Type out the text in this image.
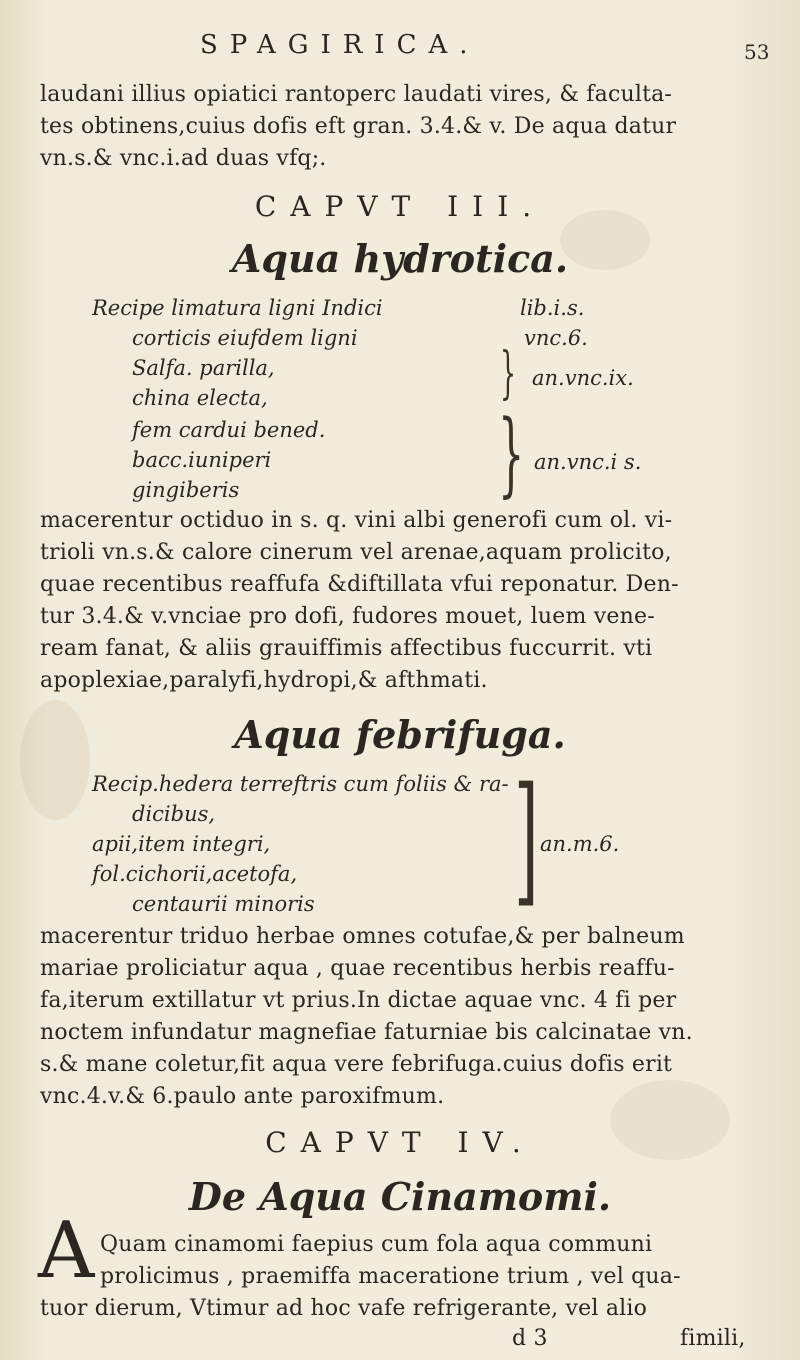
SPAGIRICA.	53
laudani illius opiatici rantoperc laudati vires, & faculta-
tes obtinens,cuius dofis eft gran. 3.4.& v. De aqua datur
vn.s.& vnc.i.ad duas vfq;.
CAPVT III.
Aqua hydrotica.
Recipe limatura ligni Indici
corticis eiufdem ligni
Salfa. parilla,
china electa,
fem cardui bened.
bacc.iuniperi
gingiberis
lib.i.s.
vnc.6.
} an.vnc.ix.
} an.vnc.i s.
macerentur octiduo in s. q. vini albi generofi cum ol. vi-
trioli vn.s.& calore cinerum vel arenae,aquam prolicito,
quae recentibus reaffufa &diftillata vfui reponatur. Den-
tur 3.4.& v.vnciae pro dofi, fudores mouet, luem vene-
ream fanat, & aliis grauiffimis affectibus fuccurrit. vti
apoplexiae,paralyfi,hydropi,& afthmati.
Aqua febrifuga.
Recip.hedera terreftris cum foliis & ra-
dicibus,
apii,item integri,
fol.cichorii,acetofa,
centaurii minoris ] an.m.6.
macerentur triduo herbae omnes cotufae,& per balneum
mariae proliciatur aqua , quae recentibus herbis reaffu-
fa,iterum extillatur vt prius.In dictae aquae vnc. 4 fi per
noctem infundatur magnefiae faturniae bis calcinatae vn.
s.& mane coletur,fit aqua vere febrifuga.cuius dofis erit
vnc.4.v.& 6.paulo ante paroxifmum.
CAPVT IV.
De Aqua Cinamomi.
A Quam cinamomi faepius cum fola aqua communi
prolicimus , praemiffa maceratione trium , vel qua-
tuor dierum, Vtimur ad hoc vafe refrigerante, vel alio
d 3	fimili,
